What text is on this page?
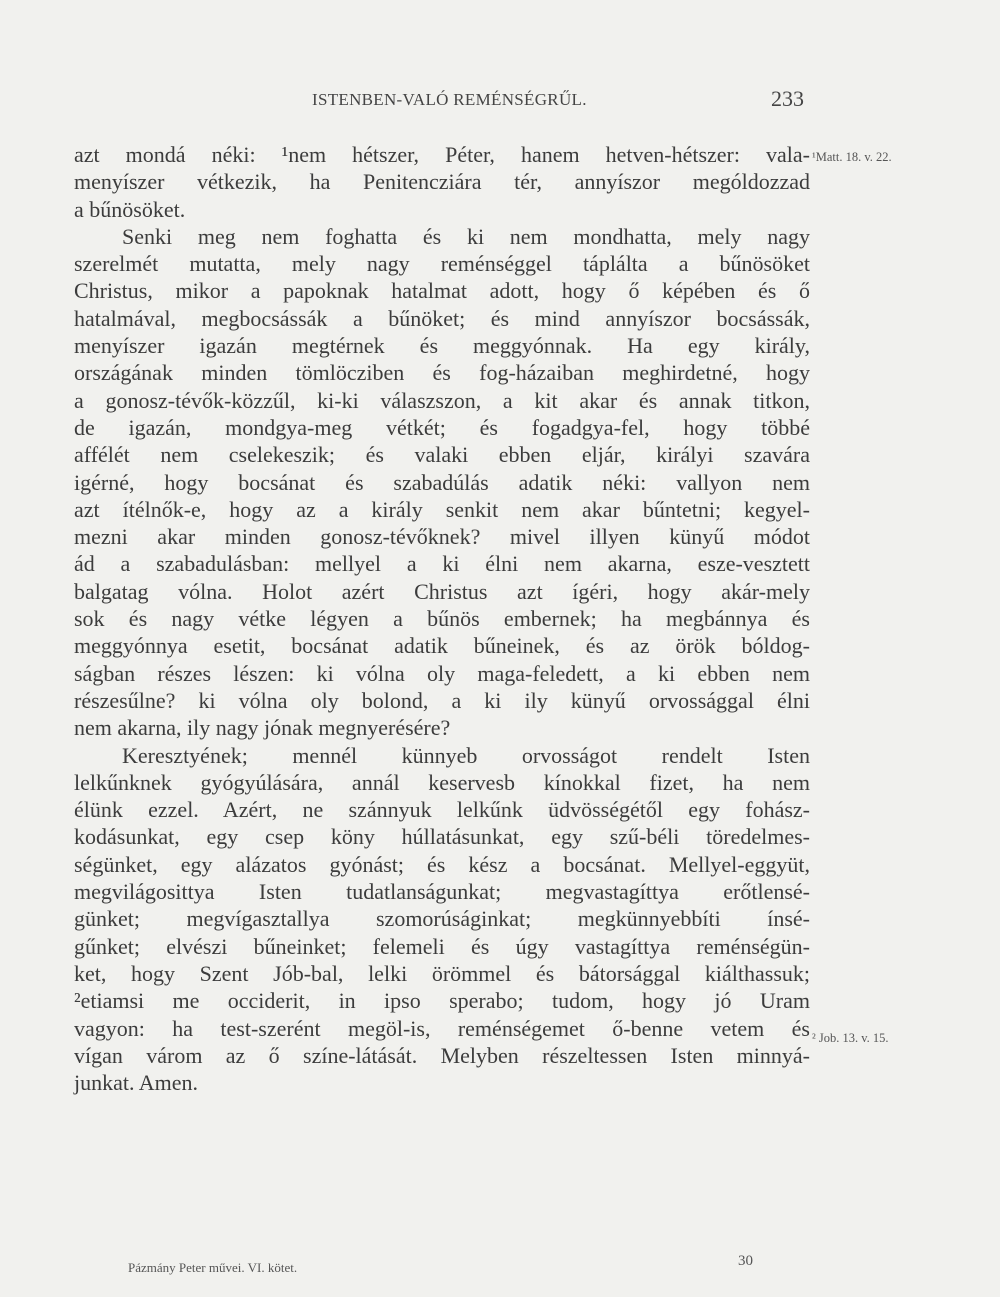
ISTENBEN-VALÓ REMÉNSÉGRŰL.	233
¹Matt. 18. v. 22.
² Job. 13. v. 15.
azt mondá néki: ¹nem hétszer, Péter, hanem hetven-hétszer: vala-
menyíszer vétkezik, ha Penitencziára tér, annyíszor mególdozzad
a bűnösöket.
Senki meg nem foghatta és ki nem mondhatta, mely nagy
szerelmét mutatta, mely nagy reménséggel táplálta a bűnösöket
Christus, mikor a papoknak hatalmat adott, hogy ő képében és ő
hatalmával, megbocsássák a bűnöket; és mind annyíszor bocsássák,
menyíszer igazán megtérnek és meggyónnak. Ha egy király,
országának minden tömlöcziben és fog-házaiban meghirdetné, hogy
a gonosz-tévők-közzűl, ki-ki válaszszon, a kit akar és annak titkon,
de igazán, mondgya-meg vétkét; és fogadgya-fel, hogy többé
affélét nem cselekeszik; és valaki ebben eljár, királyi szavára
igérné, hogy bocsánat és szabadúlás adatik néki: vallyon nem
azt ítélnők-e, hogy az a király senkit nem akar bűntetni; kegyel-
mezni akar minden gonosz-tévőknek? mivel illyen künyű módot
ád a szabadulásban: mellyel a ki élni nem akarna, esze-vesztett
balgatag vólna. Holot azért Christus azt ígéri, hogy akár-mely
sok és nagy vétke légyen a bűnös embernek; ha megbánnya és
meggyónnya esetit, bocsánat adatik bűneinek, és az örök bóldog-
ságban részes lészen: ki vólna oly maga-feledett, a ki ebben nem
részesűlne? ki vólna oly bolond, a ki ily künyű orvossággal élni
nem akarna, ily nagy jónak megnyerésére?
Keresztyének; mennél künnyeb orvosságot rendelt Isten
lelkűnknek gyógyúlására, annál keservesb kínokkal fizet, ha nem
élünk ezzel. Azért, ne szánnyuk lelkűnk üdvösségétől egy fohász-
kodásunkat, egy csep köny húllatásunkat, egy szű-béli töredelmes-
ségünket, egy alázatos gyónást; és kész a bocsánat. Mellyel-eggyüt,
megvilágosittya Isten tudatlanságunkat; megvastagíttya erőtlensé-
günket; megvígasztallya szomorúságinkat; megkünnyebbíti ínsé-
gűnket; elvészi bűneinket; felemeli és úgy vastagíttya reménségün-
ket, hogy Szent Jób-bal, lelki örömmel és bátorsággal kiálthassuk;
²etiamsi me occiderit, in ipso sperabo; tudom, hogy jó Uram
vagyon: ha test-szerént megöl-is, reménségemet ő-benne vetem és
vígan várom az ő színe-látását. Melyben részeltessen Isten minnyá-
junkat. Amen.
Pázmány Peter művei. VI. kötet.	30
